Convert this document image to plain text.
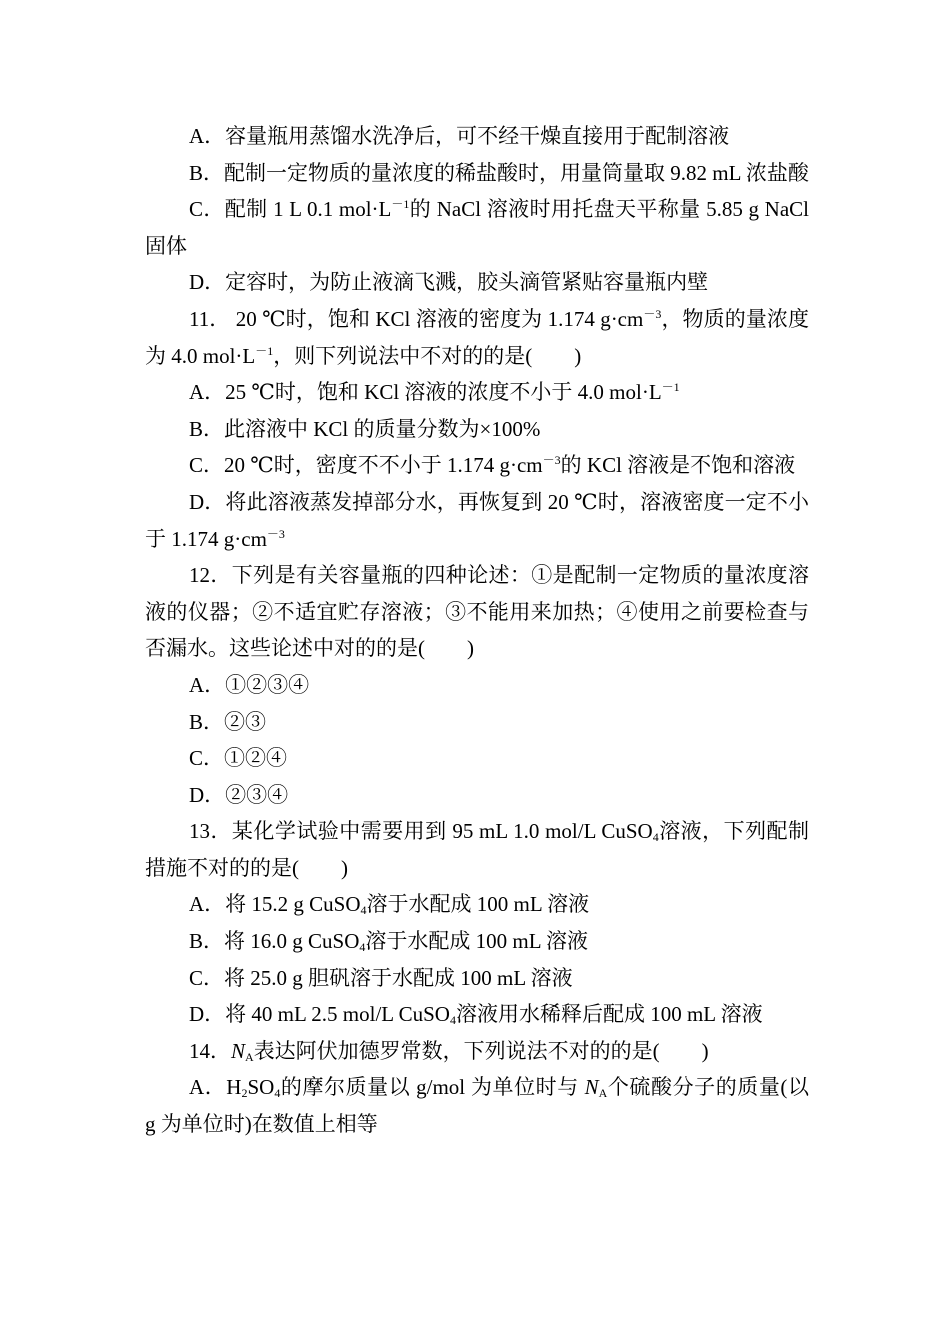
A．容量瓶用蒸馏水洗净后，可不经干燥直接用于配制溶液

B．配制一定物质的量浓度的稀盐酸时，用量筒量取 9.82 mL 浓盐酸

C．配制 1 L 0.1 $mol\cdot L^{-1}$的 NaCl 溶液时用托盘天平称量 5.85 g NaCl 固体

D．定容时，为防止液滴飞溅，胶头滴管紧贴容量瓶内壁

11． 20 ℃时，饱和 KCl 溶液的密度为 1.174 $g\cdot cm^{-3}$，物质的量浓度为 4.0 $mol\cdot L^{-1}$，则下列说法中不对的的是(　　)

A．25 ℃时，饱和 KCl 溶液的浓度不小于 4.0 $mol\cdot L^{-1}$

B．此溶液中 KCl 的质量分数为×100%

C．20 ℃时，密度不不小于 1.174 $g\cdot cm^{-3}$的 KCl 溶液是不饱和溶液

D．将此溶液蒸发掉部分水，再恢复到 20 ℃时，溶液密度一定不小于 1.174 $g\cdot cm^{-3}$

12．下列是有关容量瓶的四种论述：①是配制一定物质的量浓度溶液的仪器；②不适宜贮存溶液；③不能用来加热；④使用之前要检查与否漏水。这些论述中对的的是(　　)

A．①②③④

B．②③

C．①②④

D．②③④

13．某化学试验中需要用到 95 mL 1.0 mol/L CuSO$_4$溶液，下列配制措施不对的的是(　　)

A．将 15.2 g CuSO$_4$溶于水配成 100 mL 溶液

B．将 16.0 g CuSO$_4$溶于水配成 100 mL 溶液

C．将 25.0 g 胆矾溶于水配成 100 mL 溶液

D．将 40 mL 2.5 mol/L CuSO$_4$溶液用水稀释后配成 100 mL 溶液

14．$N_A$表达阿伏加德罗常数，下列说法不对的的是(　　)

A．$H_2SO_4$的摩尔质量以 g/mol 为单位时与 $N_A$个硫酸分子的质量(以 g 为单位时)在数值上相等
